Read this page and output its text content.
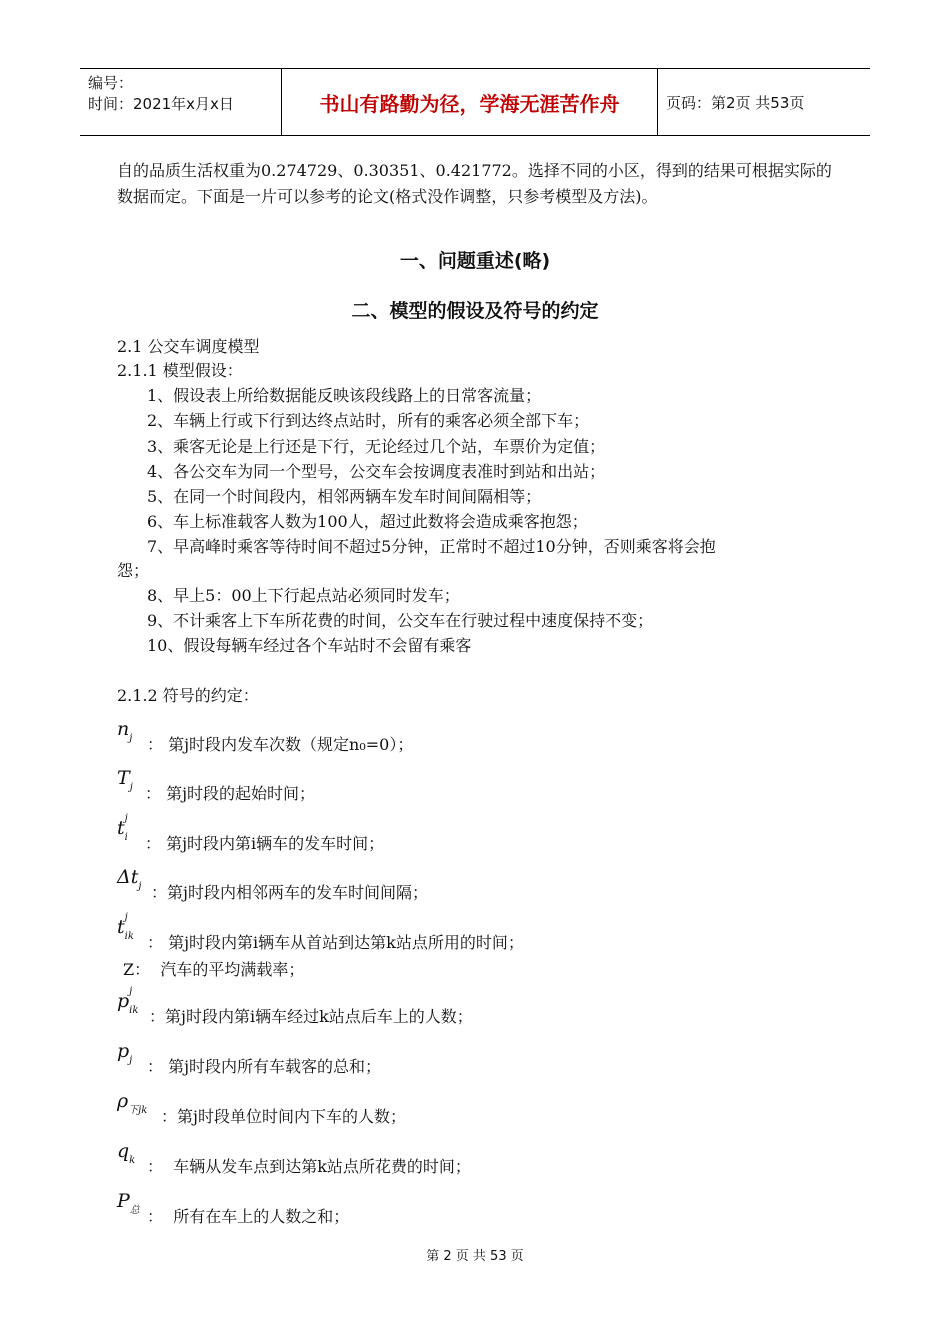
编号：
时间：2021年x月x日	书山有路勤为径，学海无涯苦作舟	页码：第2页 共53页
自的品质生活权重为0.274729、0.30351、0.421772。选择不同的小区，得到的结果可根据实际的数据而定。下面是一片可以参考的论文(格式没作调整，只参考模型及方法)。
一、问题重述(略)
二、模型的假设及符号的约定
2.1 公交车调度模型
2.1.1 模型假设：
1、假设表上所给数据能反映该段线路上的日常客流量；
2、车辆上行或下行到达终点站时，所有的乘客必须全部下车；
3、乘客无论是上行还是下行，无论经过几个站，车票价为定值；
4、各公交车为同一个型号，公交车会按调度表准时到站和出站；
5、在同一个时间段内，相邻两辆车发车时间间隔相等；
6、车上标准载客人数为100人，超过此数将会造成乘客抱怨；
7、早高峰时乘客等待时间不超过5分钟，正常时不超过10分钟，否则乘客将会抱
怨；
8、早上5：00上下行起点站必须同时发车；
9、不计乘客上下车所花费的时间，公交车在行驶过程中速度保持不变；
10、假设每辆车经过各个车站时不会留有乘客
2.1.2 符号的约定：
n j ： 第j时段内发车次数（规定n₀=0）；
T j ： 第j时段的起始时间；
t j
i ： 第j时段内第i辆车的发车时间；
Δt j ：第j时段内相邻两车的发车时间间隔；
t j
ik ： 第j时段内第i辆车从首站到达第k站点所用的时间；
Z：  汽车的平均满载率；
p j
ik ：第j时段内第i辆车经过k站点后车上的人数；
p j ： 第j时段内所有车载客的总和；
ρ 下jk ：第j时段单位时间内下车的人数；
q k ：  车辆从发车点到达第k站点所花费的时间；
P 总 ：  所有在车上的人数之和；
第 2 页 共 53 页
